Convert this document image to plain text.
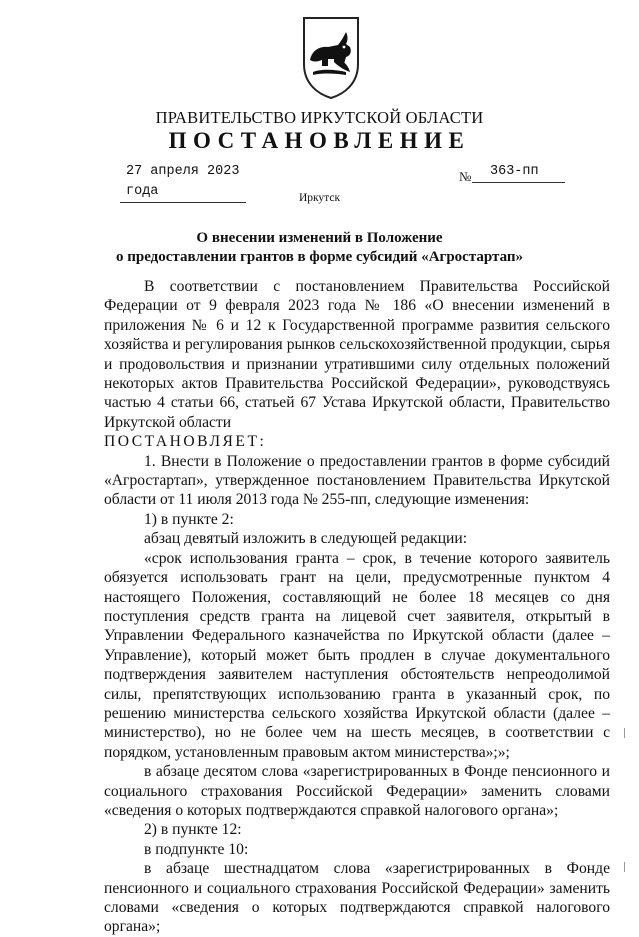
ПРАВИТЕЛЬСТВО ИРКУТСКОЙ ОБЛАСТИ
ПОСТАНОВЛЕНИЕ
27 апреля 2023 года
№	363-пп
Иркутск
О внесении изменений в Положение
о предоставлении грантов в форме субсидий «Агростартап»

В соответствии с постановлением Правительства Российской Федерации от 9 февраля 2023 года № 186 «О внесении изменений в приложения № 6 и 12 к Государственной программе развития сельского хозяйства и регулирования рынков сельскохозяйственной продукции, сырья и продовольствия и признании утратившими силу отдельных положений некоторых актов Правительства Российской Федерации», руководствуясь частью 4 статьи 66, статьей 67 Устава Иркутской области, Правительство Иркутской области

ПОСТАНОВЛЯЕТ:

1. Внести в Положение о предоставлении грантов в форме субсидий «Агростартап», утвержденное постановлением Правительства Иркутской области от 11 июля 2013 года № 255-пп, следующие изменения:

1) в пункте 2:

абзац девятый изложить в следующей редакции:

«срок использования гранта – срок, в течение которого заявитель обязуется использовать грант на цели, предусмотренные пунктом 4 настоящего Положения, составляющий не более 18 месяцев со дня поступления средств гранта на лицевой счет заявителя, открытый в Управлении Федерального казначейства по Иркутской области (далее – Управление), который может быть продлен в случае документального подтверждения заявителем наступления обстоятельств непреодолимой силы, препятствующих использованию гранта в указанный срок, по решению министерства сельского хозяйства Иркутской области (далее – министерство), но не более чем на шесть месяцев, в соответствии с порядком, установленным правовым актом министерства»;»;

в абзаце десятом слова «зарегистрированных в Фонде пенсионного и социального страхования Российской Федерации» заменить словами «сведения о которых подтверждаются справкой налогового органа»;

2) в пункте 12:

в подпункте 10:

в абзаце шестнадцатом слова «зарегистрированных в Фонде пенсионного и социального страхования Российской Федерации» заменить словами «сведения о которых подтверждаются справкой налогового органа»;
